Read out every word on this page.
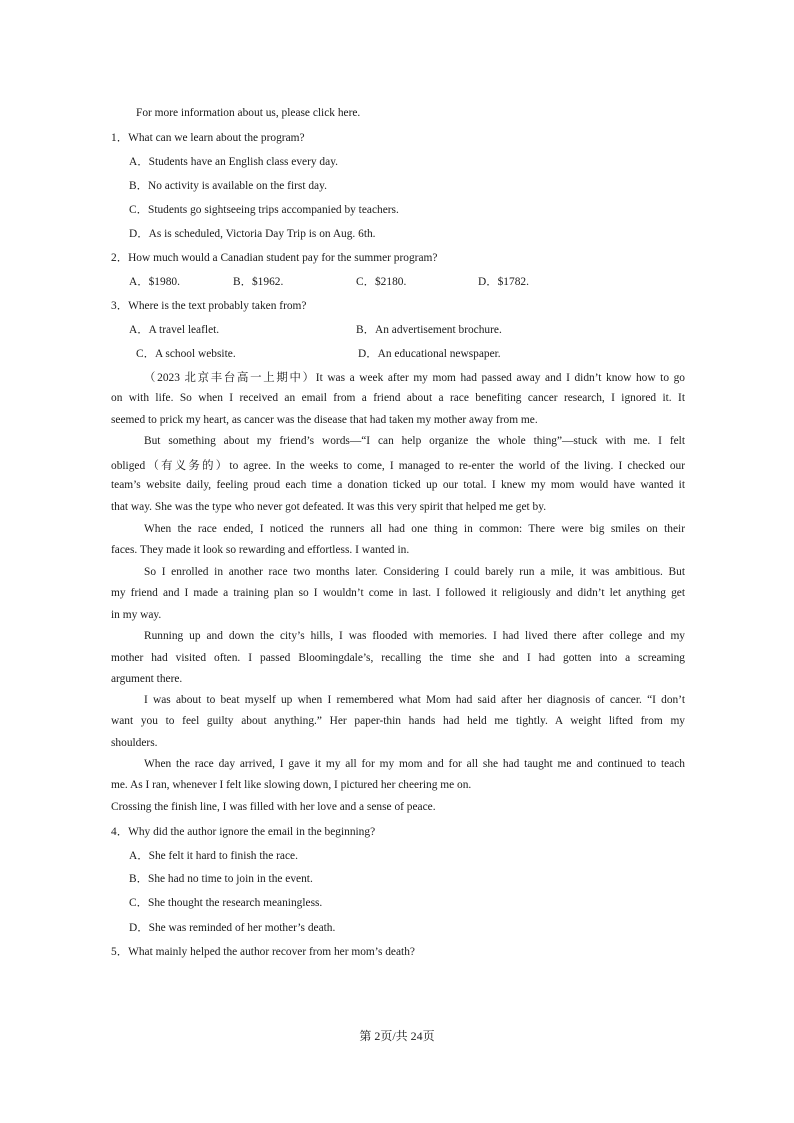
For more information about us, please click here.
1．What can we learn about the program?
A．Students have an English class every day.
B．No activity is available on the first day.
C．Students go sightseeing trips accompanied by teachers.
D．As is scheduled, Victoria Day Trip is on Aug. 6th.
2．How much would a Canadian student pay for the summer program?
A．$1980.	B．$1962.	C．$2180.	D．$1782.
3．Where is the text probably taken from?
A．A travel leaflet.	B．An advertisement brochure.
C．A school website.	D．An educational newspaper.
（2023 北京丰台高一上期中）It was a week after my mom had passed away and I didn’t know how to go
on with life. So when I received an email from a friend about a race benefiting cancer research, I ignored it. It
seemed to prick my heart, as cancer was the disease that had taken my mother away from me.
But something about my friend’s words—“I can help organize the whole thing”—stuck with me. I felt
obliged（有义务的）to agree. In the weeks to come, I managed to re-enter the world of the living. I checked our
team’s website daily, feeling proud each time a donation ticked up our total. I knew my mom would have wanted it
that way. She was the type who never got defeated. It was this very spirit that helped me get by.
When the race ended, I noticed the runners all had one thing in common: There were big smiles on their
faces. They made it look so rewarding and effortless. I wanted in.
So I enrolled in another race two months later. Considering I could barely run a mile, it was ambitious. But
my friend and I made a training plan so I wouldn’t come in last. I followed it religiously and didn’t let anything get
in my way.
Running up and down the city’s hills, I was flooded with memories. I had lived there after college and my
mother had visited often. I passed Bloomingdale’s, recalling the time she and I had gotten into a screaming
argument there.
I was about to beat myself up when I remembered what Mom had said after her diagnosis of cancer. “I don’t
want you to feel guilty about anything.” Her paper-thin hands had held me tightly. A weight lifted from my
shoulders.
When the race day arrived, I gave it my all for my mom and for all she had taught me and continued to teach
me. As I ran, whenever I felt like slowing down, I pictured her cheering me on.
Crossing the finish line, I was filled with her love and a sense of peace.
4．Why did the author ignore the email in the beginning?
A．She felt it hard to finish the race.
B．She had no time to join in the event.
C．She thought the research meaningless.
D．She was reminded of her mother’s death.
5．What mainly helped the author recover from her mom’s death?
第 2页/共 24页
